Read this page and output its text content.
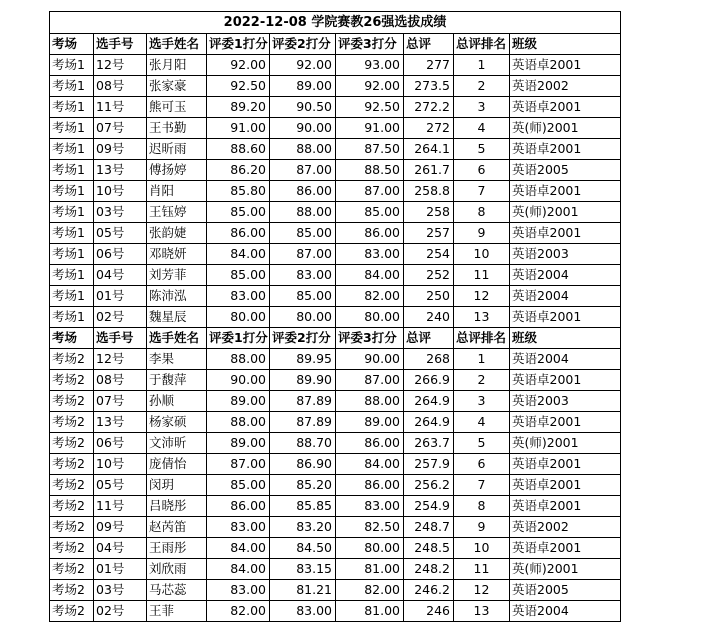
2022-12-08 学院赛教26强选拔成绩								
考场	选手号	选手姓名	评委1打分	评委2打分	评委3打分	总评	总评排名	班级
考场1	12号	张月阳	92.00	92.00	93.00	277	1	英语卓2001
考场1	08号	张家豪	92.50	89.00	92.00	273.5	2	英语2002
考场1	11号	熊可玉	89.20	90.50	92.50	272.2	3	英语卓2001
考场1	07号	王书勤	91.00	90.00	91.00	272	4	英(师)2001
考场1	09号	迟昕雨	88.60	88.00	87.50	264.1	5	英语卓2001
考场1	13号	傅扬婷	86.20	87.00	88.50	261.7	6	英语2005
考场1	10号	肖阳	85.80	86.00	87.00	258.8	7	英语卓2001
考场1	03号	王钰婷	85.00	88.00	85.00	258	8	英(师)2001
考场1	05号	张韵婕	86.00	85.00	86.00	257	9	英语卓2001
考场1	06号	邓晓妍	84.00	87.00	83.00	254	10	英语2003
考场1	04号	刘芳菲	85.00	83.00	84.00	252	11	英语2004
考场1	01号	陈沛泓	83.00	85.00	82.00	250	12	英语2004
考场1	02号	魏星辰	80.00	80.00	80.00	240	13	英语卓2001
考场	选手号	选手姓名	评委1打分	评委2打分	评委3打分	总评	总评排名	班级
考场2	12号	李果	88.00	89.95	90.00	268	1	英语2004
考场2	08号	于馥萍	90.00	89.90	87.00	266.9	2	英语卓2001
考场2	07号	孙顺	89.00	87.89	88.00	264.9	3	英语2003
考场2	13号	杨家硕	88.00	87.89	89.00	264.9	4	英语卓2001
考场2	06号	文沛昕	89.00	88.70	86.00	263.7	5	英(师)2001
考场2	10号	庞倩怡	87.00	86.90	84.00	257.9	6	英语卓2001
考场2	05号	闵玥	85.00	85.20	86.00	256.2	7	英语卓2001
考场2	11号	吕晓彤	86.00	85.85	83.00	254.9	8	英语卓2001
考场2	09号	赵芮笛	83.00	83.20	82.50	248.7	9	英语2002
考场2	04号	王雨彤	84.00	84.50	80.00	248.5	10	英语卓2001
考场2	01号	刘欣雨	84.00	83.15	81.00	248.2	11	英(师)2001
考场2	03号	马芯蕊	83.00	81.21	82.00	246.2	12	英语2005
考场2	02号	王菲	82.00	83.00	81.00	246	13	英语2004
